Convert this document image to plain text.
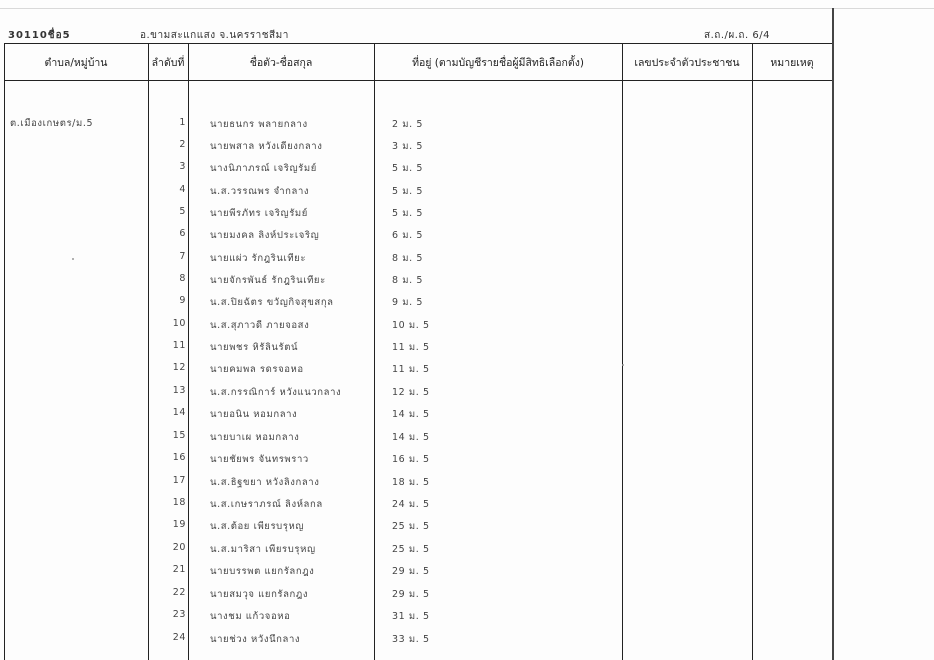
30110ชื่อ5	อ.ขามสะแกแสง จ.นครราชสีมา	ส.ถ./ผ.ถ. 6/4
ตำบล/หมู่บ้าน	ลำดับที่	ชื่อตัว-ชื่อสกุล	ที่อยู่ (ตามบัญชีรายชื่อผู้มีสิทธิเลือกตั้ง)	เลขประจำตัวประชาชน	หมายเหตุ
ต.เมืองเกษตร/ม.5	1	นายธนกร พลายกลาง	2 ม. 5
2	นายพสาล หวังเดียงกลาง	3 ม. 5
3	นางนิภาภรณ์ เจริญรัมย์	5 ม. 5
4	น.ส.วรรณพร จำกลาง	5 ม. 5
5	นายพีรภัทร เจริญรัมย์	5 ม. 5
6	นายมงคล ลิงห์ประเจริญ	6 ม. 5
7	นายแผ่ว รักฎรินเทียะ	8 ม. 5
8	นายจักรพันธ์ รักฎรินเทียะ	8 ม. 5
9	น.ส.ปิยฉัตร ขวัญกิจสุขสกุล	9 ม. 5
10	น.ส.สุภาวดี ภายจอสง	10 ม. 5
11	นายพชร หิรัลินรัตน์	11 ม. 5
12	นายคมพล รดรจอหอ	11 ม. 5
13	น.ส.กรรณิการ์ หวังแนวกลาง	12 ม. 5
14	นายอนิน หอมกลาง	14 ม. 5
15	นายบาเผ หอมกลาง	14 ม. 5
16	นายชัยพร จันทรพราว	16 ม. 5
17	น.ส.ธิฐขยา หวังลิงกลาง	18 ม. 5
18	น.ส.เกษราภรณ์ ลิงห์ลกล	24 ม. 5
19	น.ส.ต้อย เพียรบรุหญ	25 ม. 5
20	น.ส.มาริสา เพียรบรุหญ	25 ม. 5
21	นายบรรพต แยกรัลกฎง	29 ม. 5
22	นายสมวุจ แยกรัลกฎง	29 ม. 5
23	นางชม แก้วจอหอ	31 ม. 5
24	นายช่วง หวังนึกลาง	33 ม. 5
